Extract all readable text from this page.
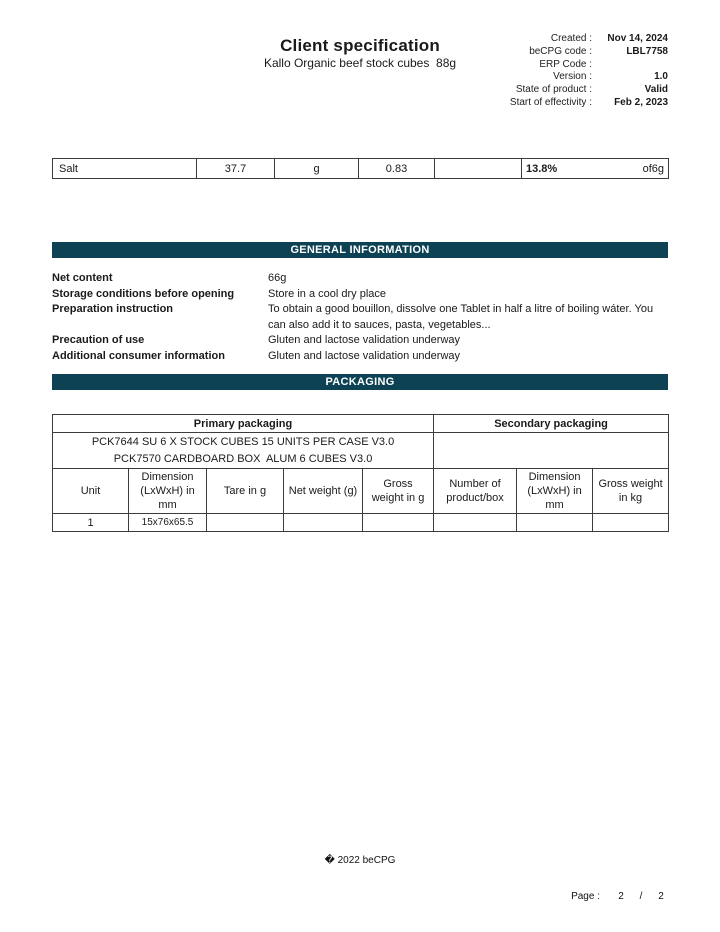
Client specification
Kallo Organic beef stock cubes  88g
Created :	Nov 14, 2024
beCPG code :	LBL7758
ERP Code :
Version :	1.0
State of product :	Valid
Start of effectivity :	Feb 2, 2023
Salt	37.7	g	0.83		13.8%	of6g
GENERAL INFORMATION
Net content	66g
Storage conditions before opening	Store in a cool dry place
Preparation instruction	To obtain a good bouillon, dissolve one Tablet in half a litre of boiling wáter. You can also add it to sauces, pasta, vegetables...
Precaution of use	Gluten and lactose validation underway
Additional consumer information	Gluten and lactose validation underway
PACKAGING
Primary packaging					Secondary packaging		

PCK7644 SU 6 X STOCK CUBES 15 UNITS PER CASE V3.0
PCK7570 CARDBOARD BOX  ALUM 6 CUBES V3.0							

Unit	Dimension (LxWxH) in mm	Tare in g	Net weight (g)	Gross weight in g	Number of product/box	Dimension (LxWxH) in mm	Gross weight in kg
1	15x76x65.5						
� 2022 beCPG
Page :	2	/	2
